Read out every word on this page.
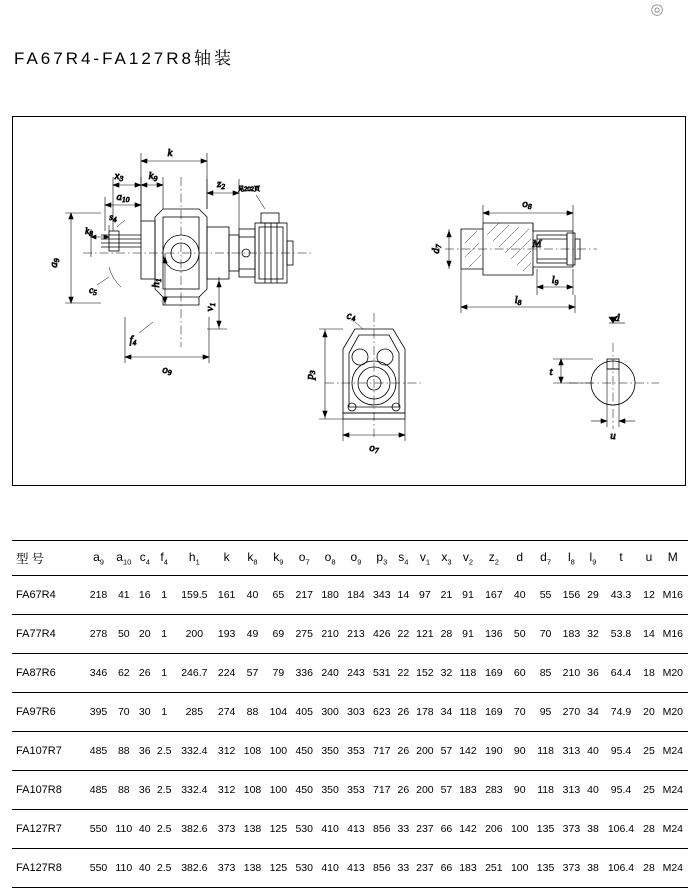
◎
FA67R4-FA127R8轴装
k
x3 k9	z2 见202页
a10
$k_8$
$s_4$
a9
$c_5$
h1
v1
f4
o9
c4
p3
o7
o8
d7	M
l9
l8
d
t
u
型号	$a_9$	$a_{10}$	$c_4$	$f_4$	$h_1$	k	$k_8$	$k_9$	$o_7$	$o_8$	$o_9$	$p_3$	$s_4$	$v_1$	$x_3$	$v_2$	$z_2$	d	$d_7$	$l_8$	$l_9$	t	u	M
FA67R4	218	41	16	1	159.5	161	40	65	217	180	184	343	14	97	21	91	167	40	55	156	29	43.3	12	M16
FA77R4	278	50	20	1	200	193	49	69	275	210	213	426	22	121	28	91	136	50	70	183	32	53.8	14	M16
FA87R6	346	62	26	1	246.7	224	57	79	336	240	243	531	22	152	32	118	169	60	85	210	36	64.4	18	M20
FA97R6	395	70	30	1	285	274	88	104	405	300	303	623	26	178	34	118	169	70	95	270	34	74.9	20	M20
FA107R7	485	88	36	2.5	332.4	312	108	100	450	350	353	717	26	200	57	142	190	90	118	313	40	95.4	25	M24
FA107R8	485	88	36	2.5	332.4	312	108	100	450	350	353	717	26	200	57	183	283	90	118	313	40	95.4	25	M24
FA127R7	550	110	40	2.5	382.6	373	138	125	530	410	413	856	33	237	66	142	206	100	135	373	38	106.4	28	M24
FA127R8	550	110	40	2.5	382.6	373	138	125	530	410	413	856	33	237	66	183	251	100	135	373	38	106.4	28	M24
